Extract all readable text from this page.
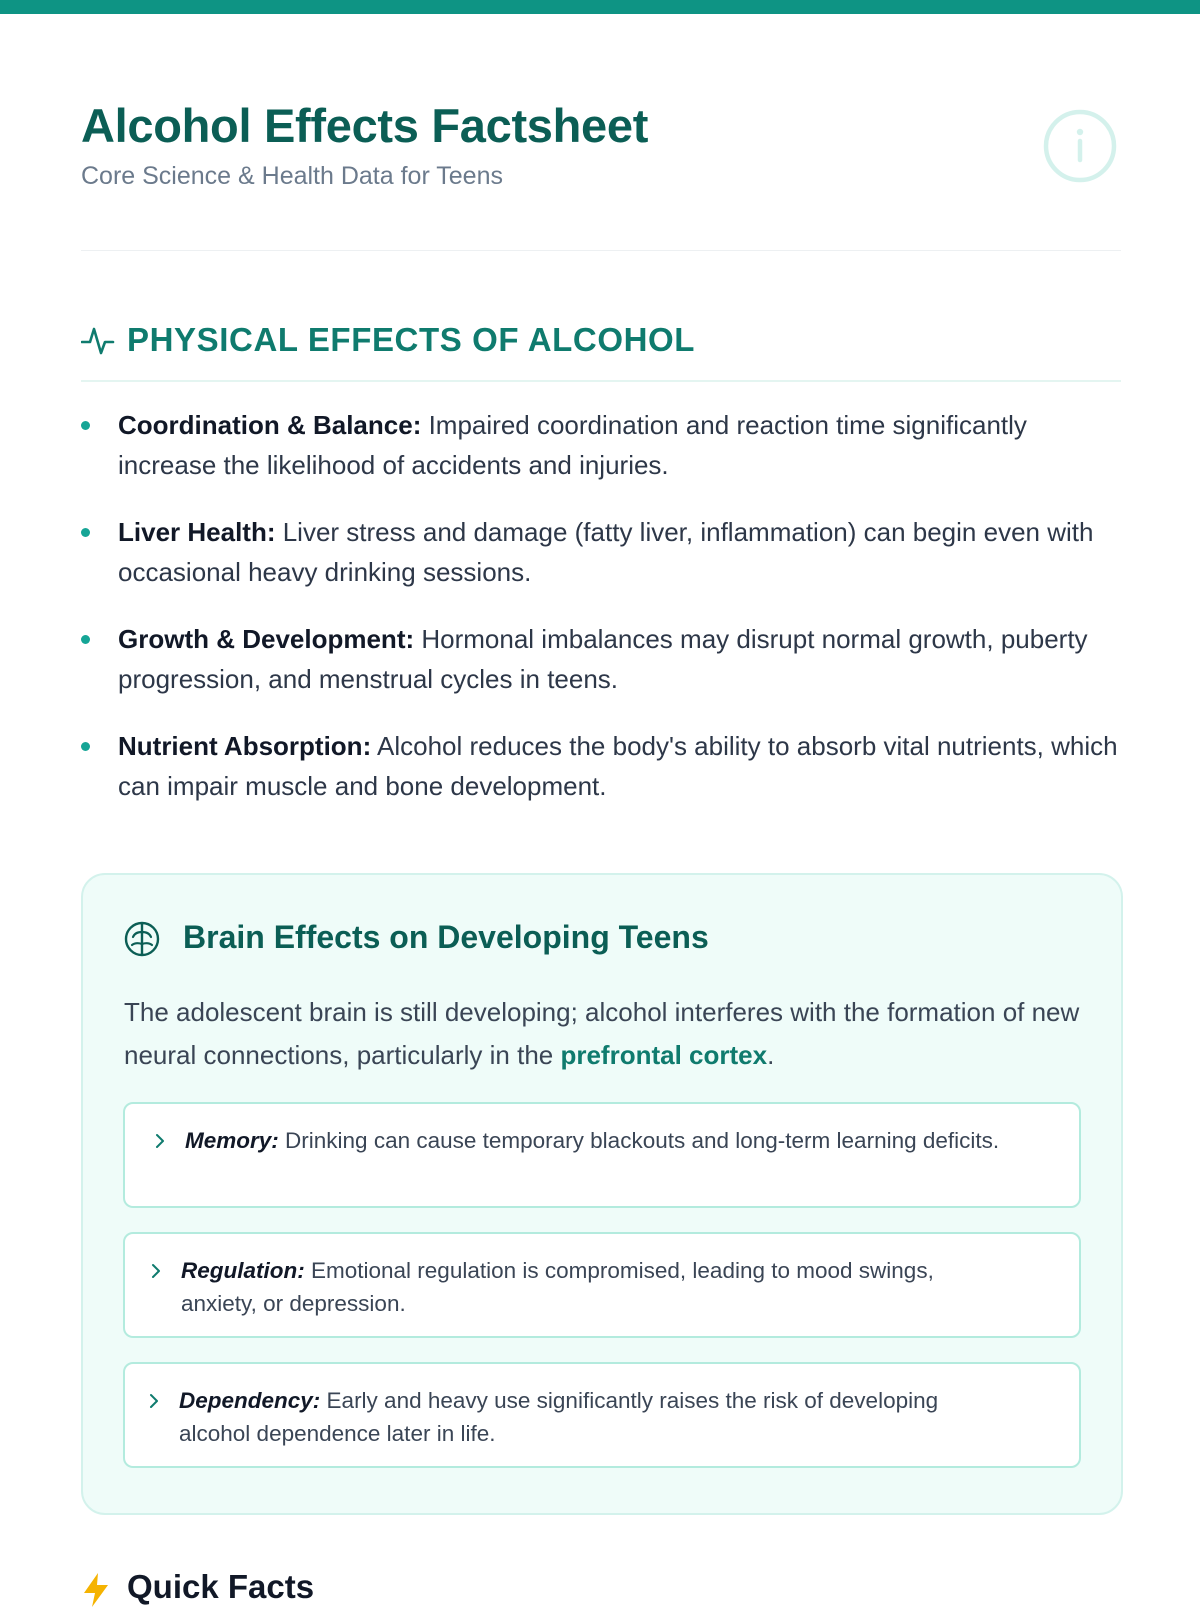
Alcohol Effects Factsheet
Core Science & Health Data for Teens
PHYSICAL EFFECTS OF ALCOHOL
Coordination & Balance: Impaired coordination and reaction time significantly increase the likelihood of accidents and injuries.
Liver Health: Liver stress and damage (fatty liver, inflammation) can begin even with occasional heavy drinking sessions.
Growth & Development: Hormonal imbalances may disrupt normal growth, puberty progression, and menstrual cycles in teens.
Nutrient Absorption: Alcohol reduces the body's ability to absorb vital nutrients, which can impair muscle and bone development.
Brain Effects on Developing Teens

The adolescent brain is still developing; alcohol interferes with the formation of new neural connections, particularly in the prefrontal cortex.

Memory: Drinking can cause temporary blackouts and long-term learning deficits.
Regulation: Emotional regulation is compromised, leading to mood swings, anxiety, or depression.
Dependency: Early and heavy use significantly raises the risk of developing alcohol dependence later in life.
Quick Facts
